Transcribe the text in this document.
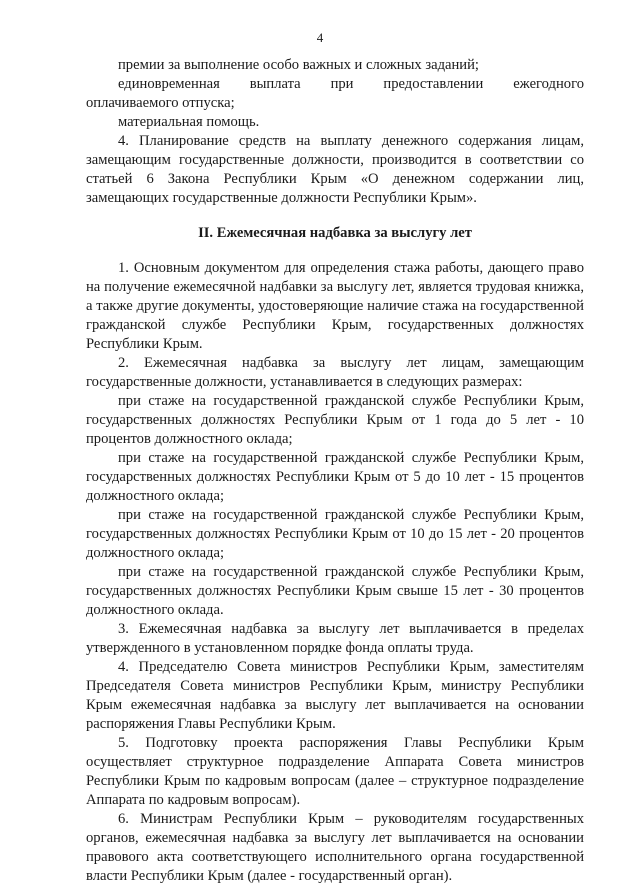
4

премии за выполнение особо важных и сложных заданий;

единовременная выплата при предоставлении ежегодного

оплачиваемого отпуска;

материальная помощь.

4. Планирование средств на выплату денежного содержания лицам, замещающим государственные должности, производится в соответствии со статьей 6 Закона Республики Крым «О денежном содержании лиц, замещающих государственные должности Республики Крым».

II. Ежемесячная надбавка за выслугу лет

1. Основным документом для определения стажа работы, дающего право на получение ежемесячной надбавки за выслугу лет, является трудовая книжка, а также другие документы, удостоверяющие наличие стажа на государственной гражданской службе Республики Крым, государственных должностях Республики Крым.

2. Ежемесячная надбавка за выслугу лет лицам, замещающим государственные должности, устанавливается в следующих размерах:

при стаже на государственной гражданской службе Республики Крым, государственных должностях Республики Крым от 1 года до 5 лет - 10 процентов должностного оклада;

при стаже на государственной гражданской службе Республики Крым, государственных должностях Республики Крым от 5 до 10 лет - 15 процентов должностного оклада;

при стаже на государственной гражданской службе Республики Крым, государственных должностях Республики Крым от 10 до 15 лет - 20 процентов должностного оклада;

при стаже на государственной гражданской службе Республики Крым, государственных должностях Республики Крым свыше 15 лет - 30 процентов должностного оклада.

3. Ежемесячная надбавка за выслугу лет выплачивается в пределах утвержденного в установленном порядке фонда оплаты труда.

4. Председателю Совета министров Республики Крым, заместителям Председателя Совета министров Республики Крым, министру Республики Крым ежемесячная надбавка за выслугу лет выплачивается на основании распоряжения Главы Республики Крым.

5. Подготовку проекта распоряжения Главы Республики Крым осуществляет структурное подразделение Аппарата Совета министров Республики Крым по кадровым вопросам (далее – структурное подразделение Аппарата по кадровым вопросам).

6. Министрам Республики Крым – руководителям государственных органов, ежемесячная надбавка за выслугу лет выплачивается на основании правового акта соответствующего исполнительного органа государственной власти Республики Крым (далее - государственный орган).
